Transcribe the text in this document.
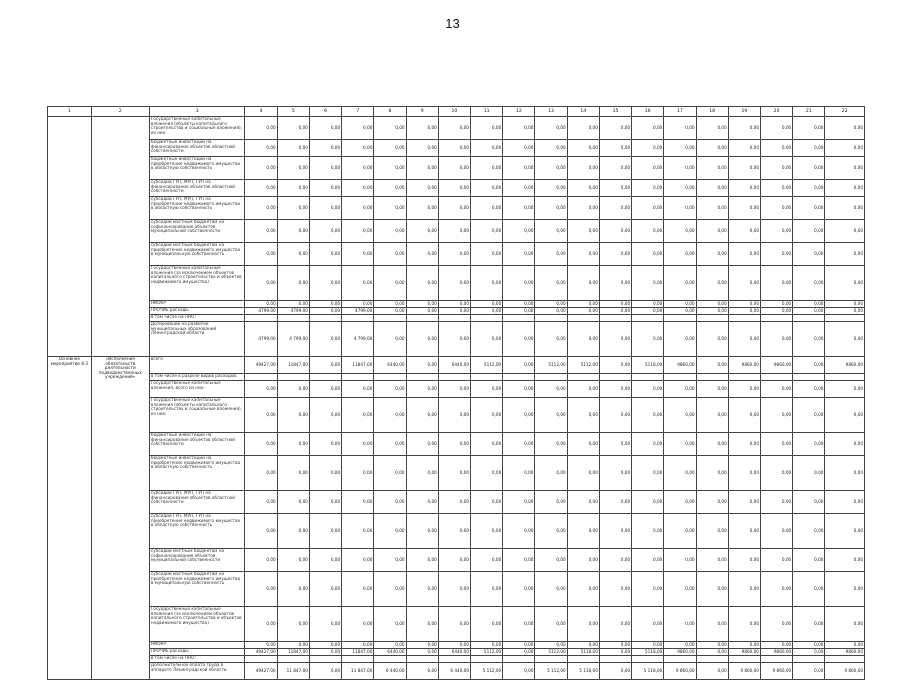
13
1	2	3	4	5	6	7	8	9	10	11	12	13	14	15	16	17	18	19	20	21	22
		Государственные капитальные вложения (объекты капитального строительства и социальные вложения), из них:	0,00	0,00	0,00	0,00	0,00	0,00	0,00	0,00	0,00	0,00	0,00	0,00	0,00	0,00	0,00	0,00	0,00	0,00	0,00
		бюджетные инвестиции на финансирование объектов областной собственности	0,00	0,00	0,00	0,00	0,00	0,00	0,00	0,00	0,00	0,00	0,00	0,00	0,00	0,00	0,00	0,00	0,00	0,00	0,00
		бюджетные инвестиции на приобретение недвижимого имущества в областную собственность	0,00	0,00	0,00	0,00	0,00	0,00	0,00	0,00	0,00	0,00	0,00	0,00	0,00	0,00	0,00	0,00	0,00	0,00	0,00
		субсидии ГУП, МУП, ГУП на финансирование объектов областной собственности	0,00	0,00	0,00	0,00	0,00	0,00	0,00	0,00	0,00	0,00	0,00	0,00	0,00	0,00	0,00	0,00	0,00	0,00	0,00
		субсидии ГУП, МУП, ГУП на приобретение недвижимого имущества в областную собственность	0,00	0,00	0,00	0,00	0,00	0,00	0,00	0,00	0,00	0,00	0,00	0,00	0,00	0,00	0,00	0,00	0,00	0,00	0,00
		субсидии местным бюджетам на софинансирование объектов муниципальной собственности	0,00	0,00	0,00	0,00	0,00	0,00	0,00	0,00	0,00	0,00	0,00	0,00	0,00	0,00	0,00	0,00	0,00	0,00	0,00
		субсидии местным бюджетам на приобретение недвижимого имущества в муниципальную собственность	0,00	0,00	0,00	0,00	0,00	0,00	0,00	0,00	0,00	0,00	0,00	0,00	0,00	0,00	0,00	0,00	0,00	0,00	0,00
		Государственные капитальные вложения (за исключением объектов капитального строительства и объектов недвижимого имущества)	0,00	0,00	0,00	0,00	0,00	0,00	0,00	0,00	0,00	0,00	0,00	0,00	0,00	0,00	0,00	0,00	0,00	0,00	0,00
		НИОКР	0,00	0,00	0,00	0,00	0,00	0,00	0,00	0,00	0,00	0,00	0,00	0,00	0,00	0,00	0,00	0,00	0,00	0,00	0,00
		ПРОЧИЕ расходы	4799,00	4799,00	0,00	4799,00	0,00	0,00	0,00	0,00	0,00	0,00	0,00	0,00	0,00	0,00	0,00	0,00	0,00	0,00	0,00
		в том числе на ПНО:																			
		Дотирование на развитие муниципальных образований Ленинградской области	4799,00	4 799,00	0,00	4 799,00	0,00	0,00	0,00	0,00	0,00	0,00	0,00	0,00	0,00	0,00	0,00	0,00	0,00	0,00	0,00
Основное мероприятие 8.3	«Исполнение обязательств деятельности подведомственных учреждений»	всего	49427,00	11847,00	0,00	11847,00	6440,00	0,00	6440,00	5112,00	0,00	5112,00	5112,00	0,00	5118,00	9860,00	0,00	9860,00	9860,00	0,00	9860,00
		в том числе в разрезе видов расходов:																			
		Государственные капитальные вложения, всего из них:	0,00	0,00	0,00	0,00	0,00	0,00	0,00	0,00	0,00	0,00	0,00	0,00	0,00	0,00	0,00	0,00	0,00	0,00	0,00
		Государственные капитальные вложения (объекты капитального строительства и социальные вложения), из них:	0,00	0,00	0,00	0,00	0,00	0,00	0,00	0,00	0,00	0,00	0,00	0,00	0,00	0,00	0,00	0,00	0,00	0,00	0,00
		бюджетные инвестиции на финансирование объектов областной собственности	0,00	0,00	0,00	0,00	0,00	0,00	0,00	0,00	0,00	0,00	0,00	0,00	0,00	0,00	0,00	0,00	0,00	0,00	0,00
		бюджетные инвестиции на приобретение недвижимого имущества в областную собственность	0,00	0,00	0,00	0,00	0,00	0,00	0,00	0,00	0,00	0,00	0,00	0,00	0,00	0,00	0,00	0,00	0,00	0,00	0,00
		субсидии ГУП, МУП, ГУП на финансирование объектов областной собственности	0,00	0,00	0,00	0,00	0,00	0,00	0,00	0,00	0,00	0,00	0,00	0,00	0,00	0,00	0,00	0,00	0,00	0,00	0,00
		субсидии ГУП, МУП, ГУП на приобретение недвижимого имущества в областную собственность	0,00	0,00	0,00	0,00	0,00	0,00	0,00	0,00	0,00	0,00	0,00	0,00	0,00	0,00	0,00	0,00	0,00	0,00	0,00
		субсидии местным бюджетам на софинансирование объектов муниципальной собственности	0,00	0,00	0,00	0,00	0,00	0,00	0,00	0,00	0,00	0,00	0,00	0,00	0,00	0,00	0,00	0,00	0,00	0,00	0,00
		субсидии местным бюджетам на приобретение недвижимого имущества в муниципальную собственность	0,00	0,00	0,00	0,00	0,00	0,00	0,00	0,00	0,00	0,00	0,00	0,00	0,00	0,00	0,00	0,00	0,00	0,00	0,00
		Государственные капитальные вложения (за исключением объектов капитального строительства и объектов недвижимого имущества)	0,00	0,00	0,00	0,00	0,00	0,00	0,00	0,00	0,00	0,00	0,00	0,00	0,00	0,00	0,00	0,00	0,00	0,00	0,00
		НИОКР	0,00	0,00	0,00	0,00	0,00	0,00	0,00	0,00	0,00	0,00	0,00	0,00	0,00	0,00	0,00	0,00	0,00	0,00	0,00
		ПРОЧИЕ расходы	49427,00	11847,00	0,00	11847,00	6440,00	0,00	6440,00	5112,00	0,00	5112,00	5118,00	0,00	5118,00	9860,00	0,00	9860,00	9860,00	0,00	9860,00
		в том числе на ПНО:																			
		Дополнительное оплата труда в аппарате Ленинградской области	49427,00	11 847,00	0,00	11 847,00	6 440,00	0,00	6 440,00	5 112,00	0,00	5 112,00	5 118,00	0,00	5 118,00	9 860,00	0,00	9 860,00	9 860,00	0,00	9 860,00
